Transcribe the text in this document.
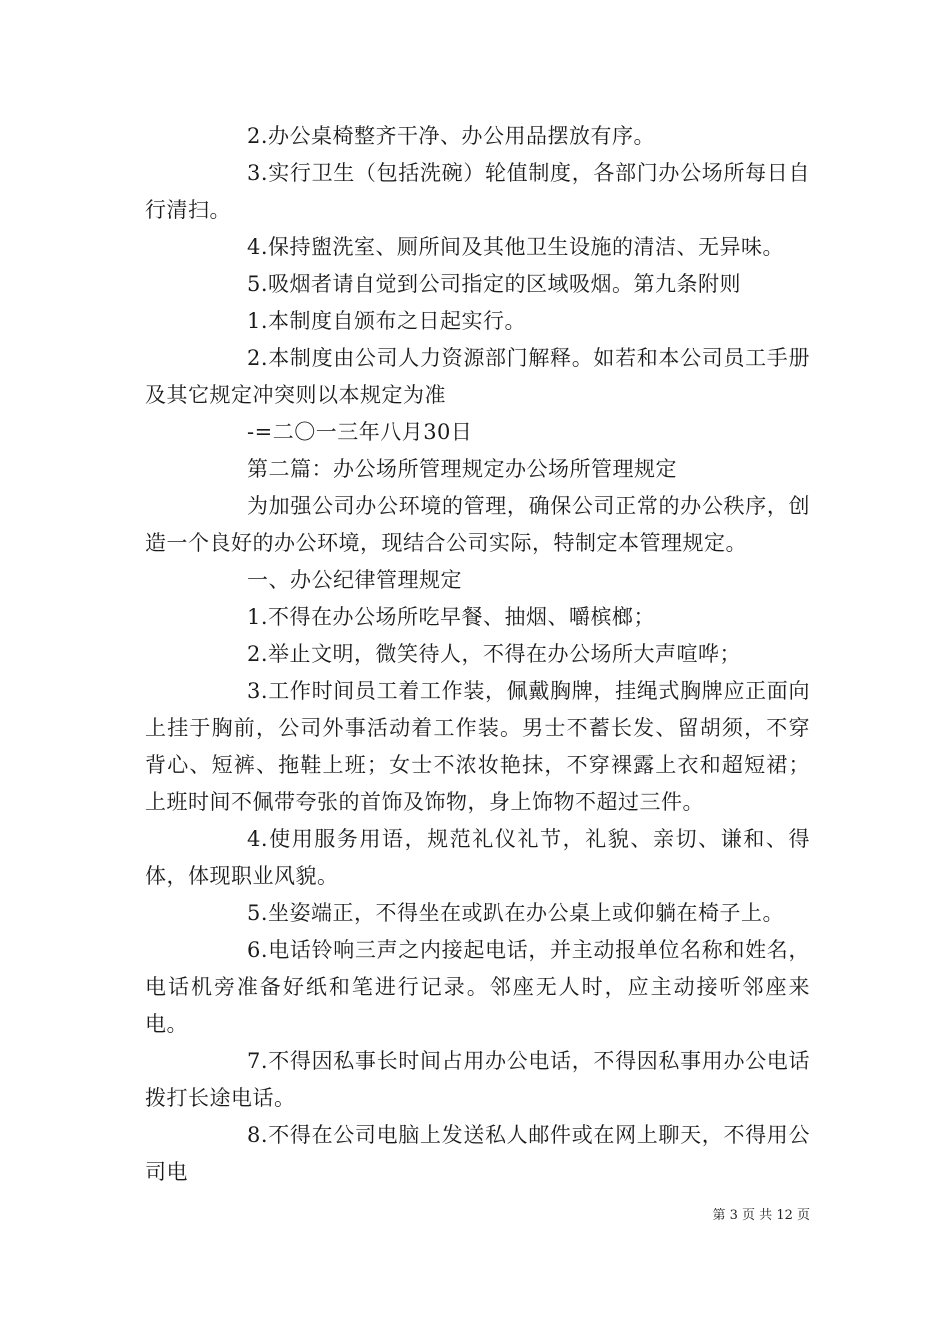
2.办公桌椅整齐干净、办公用品摆放有序。

3.实行卫生（包括洗碗）轮值制度，各部门办公场所每日自行清扫。

4.保持盥洗室、厕所间及其他卫生设施的清洁、无异味。

5.吸烟者请自觉到公司指定的区域吸烟。第九条附则

1.本制度自颁布之日起实行。

2.本制度由公司人力资源部门解释。如若和本公司员工手册及其它规定冲突则以本规定为准

-=二〇一三年八月30日

第二篇：办公场所管理规定办公场所管理规定

为加强公司办公环境的管理，确保公司正常的办公秩序，创造一个良好的办公环境，现结合公司实际，特制定本管理规定。

一、办公纪律管理规定

1.不得在办公场所吃早餐、抽烟、嚼槟榔；

2.举止文明，微笑待人，不得在办公场所大声喧哗；

3.工作时间员工着工作装，佩戴胸牌，挂绳式胸牌应正面向上挂于胸前，公司外事活动着工作装。男士不蓄长发、留胡须，不穿背心、短裤、拖鞋上班；女士不浓妆艳抹，不穿裸露上衣和超短裙；上班时间不佩带夸张的首饰及饰物，身上饰物不超过三件。

4.使用服务用语，规范礼仪礼节，礼貌、亲切、谦和、得体，体现职业风貌。

5.坐姿端正，不得坐在或趴在办公桌上或仰躺在椅子上。

6.电话铃响三声之内接起电话，并主动报单位名称和姓名，电话机旁准备好纸和笔进行记录。邻座无人时，应主动接听邻座来电。

7.不得因私事长时间占用办公电话，不得因私事用办公电话拨打长途电话。

8.不得在公司电脑上发送私人邮件或在网上聊天，不得用公司电

第 3 页 共 12 页
